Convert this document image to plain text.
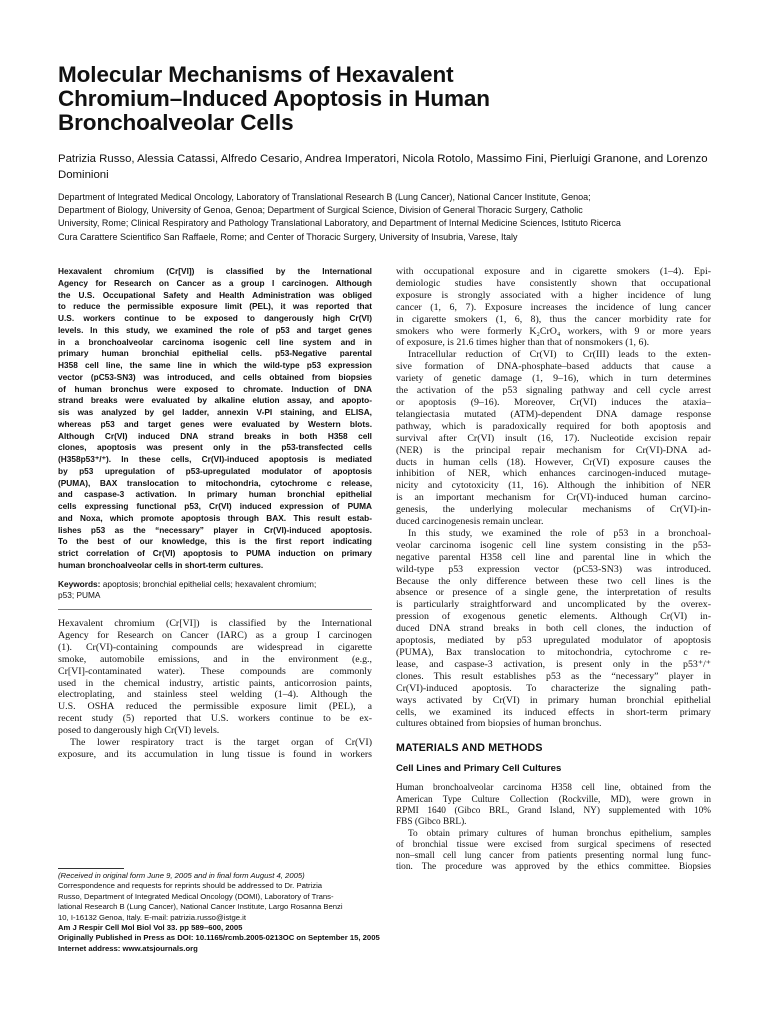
Molecular Mechanisms of Hexavalent
Chromium–Induced Apoptosis in Human
Bronchoalveolar Cells
Patrizia Russo, Alessia Catassi, Alfredo Cesario, Andrea Imperatori, Nicola Rotolo, Massimo Fini, Pierluigi Granone, and Lorenzo Dominioni
Department of Integrated Medical Oncology, Laboratory of Translational Research B (Lung Cancer), National Cancer Institute, Genoa;
Department of Biology, University of Genoa, Genoa; Department of Surgical Science, Division of General Thoracic Surgery, Catholic
University, Rome; Clinical Respiratory and Pathology Translational Laboratory, and Department of Internal Medicine Sciences, Istituto Ricerca
Cura Carattere Scientifico San Raffaele, Rome; and Center of Thoracic Surgery, University of Insubria, Varese, Italy
Hexavalent chromium (Cr[VI]) is classified by the International
Agency for Research on Cancer as a group I carcinogen. Although
the U.S. Occupational Safety and Health Administration was obliged
to reduce the permissible exposure limit (PEL), it was reported that
U.S. workers continue to be exposed to dangerously high Cr(VI)
levels. In this study, we examined the role of p53 and target genes
in a bronchoalveolar carcinoma isogenic cell line system and in
primary human bronchial epithelial cells. p53-Negative parental
H358 cell line, the same line in which the wild-type p53 expression
vector (pC53-SN3) was introduced, and cells obtained from biopsies
of human bronchus were exposed to chromate. Induction of DNA
strand breaks were evaluated by alkaline elution assay, and apopto-
sis was analyzed by gel ladder, annexin V-PI staining, and ELISA,
whereas p53 and target genes were evaluated by Western blots.
Although Cr(VI) induced DNA strand breaks in both H358 cell
clones, apoptosis was present only in the p53-transfected cells
(H358p53⁺/⁺). In these cells, Cr(VI)-induced apoptosis is mediated
by p53 upregulation of p53-upregulated modulator of apoptosis
(PUMA), BAX translocation to mitochondria, cytochrome c release,
and caspase-3 activation. In primary human bronchial epithelial
cells expressing functional p53, Cr(VI) induced expression of PUMA
and Noxa, which promote apoptosis through BAX. This result estab-
lishes p53 as the “necessary” player in Cr(VI)-induced apoptosis.
To the best of our knowledge, this is the first report indicating
strict correlation of Cr(VI) apoptosis to PUMA induction on primary
human bronchoalveolar cells in short-term cultures.
Keywords: apoptosis; bronchial epithelial cells; hexavalent chromium;
p53; PUMA
Hexavalent chromium (Cr[VI]) is classified by the International
Agency for Research on Cancer (IARC) as a group I carcinogen
(1). Cr(VI)-containing compounds are widespread in cigarette
smoke, automobile emissions, and in the environment (e.g.,
Cr[VI]-contaminated water). These compounds are commonly
used in the chemical industry, artistic paints, anticorrosion paints,
electroplating, and stainless steel welding (1–4). Although the
U.S. OSHA reduced the permissible exposure limit (PEL), a
recent study (5) reported that U.S. workers continue to be ex-
posed to dangerously high Cr(VI) levels.
The lower respiratory tract is the target organ of Cr(VI)
exposure, and its accumulation in lung tissue is found in workers
(Received in original form June 9, 2005 and in final form August 4, 2005)
Correspondence and requests for reprints should be addressed to Dr. Patrizia
Russo, Department of Integrated Medical Oncology (DOMI), Laboratory of Trans-
lational Research B (Lung Cancer), National Cancer Institute, Largo Rosanna Benzi
10, I-16132 Genoa, Italy. E-mail: patrizia.russo@istge.it
Am J Respir Cell Mol Biol Vol 33. pp 589–600, 2005
Originally Published in Press as DOI: 10.1165/rcmb.2005-0213OC on September 15, 2005
Internet address: www.atsjournals.org
with occupational exposure and in cigarette smokers (1–4). Epi-
demiologic studies have consistently shown that occupational
exposure is strongly associated with a higher incidence of lung
cancer (1, 6, 7). Exposure increases the incidence of lung cancer
in cigarette smokers (1, 6, 8), thus the cancer morbidity rate for
smokers who were formerly K₂CrO₄ workers, with 9 or more years
of exposure, is 21.6 times higher than that of nonsmokers (1, 6).
Intracellular reduction of Cr(VI) to Cr(III) leads to the exten-
sive formation of DNA-phosphate–based adducts that cause a
variety of genetic damage (1, 9–16), which in turn determines
the activation of the p53 signaling pathway and cell cycle arrest
or apoptosis (9–16). Moreover, Cr(VI) induces the ataxia–
telangiectasia mutated (ATM)-dependent DNA damage response
pathway, which is paradoxically required for both apoptosis and
survival after Cr(VI) insult (16, 17). Nucleotide excision repair
(NER) is the principal repair mechanism for Cr(VI)-DNA ad-
ducts in human cells (18). However, Cr(VI) exposure causes the
inhibition of NER, which enhances carcinogen-induced mutage-
nicity and cytotoxicity (11, 16). Although the inhibition of NER
is an important mechanism for Cr(VI)-induced human carcino-
genesis, the underlying molecular mechanisms of Cr(VI)-in-
duced carcinogenesis remain unclear.
In this study, we examined the role of p53 in a bronchoal-
veolar carcinoma isogenic cell line system consisting in the p53-
negative parental H358 cell line and parental line in which the
wild-type p53 expression vector (pC53-SN3) was introduced.
Because the only difference between these two cell lines is the
absence or presence of a single gene, the interpretation of results
is particularly straightforward and uncomplicated by the overex-
pression of exogenous genetic elements. Although Cr(VI) in-
duced DNA strand breaks in both cell clones, the induction of
apoptosis, mediated by p53 upregulated modulator of apoptosis
(PUMA), Bax translocation to mitochondria, cytochrome c re-
lease, and caspase-3 activation, is present only in the p53⁺/⁺
clones. This result establishes p53 as the “necessary” player in
Cr(VI)-induced apoptosis. To characterize the signaling path-
ways activated by Cr(VI) in primary human bronchial epithelial
cells, we examined its induced effects in short-term primary
cultures obtained from biopsies of human bronchus.
MATERIALS AND METHODS
Cell Lines and Primary Cell Cultures
Human bronchoalveolar carcinoma H358 cell line, obtained from the
American Type Culture Collection (Rockville, MD), were grown in
RPMI 1640 (Gibco BRL, Grand Island, NY) supplemented with 10%
FBS (Gibco BRL).
To obtain primary cultures of human bronchus epithelium, samples
of bronchial tissue were excised from surgical specimens of resected
non–small cell lung cancer from patients presenting normal lung func-
tion. The procedure was approved by the ethics committee. Biopsies
